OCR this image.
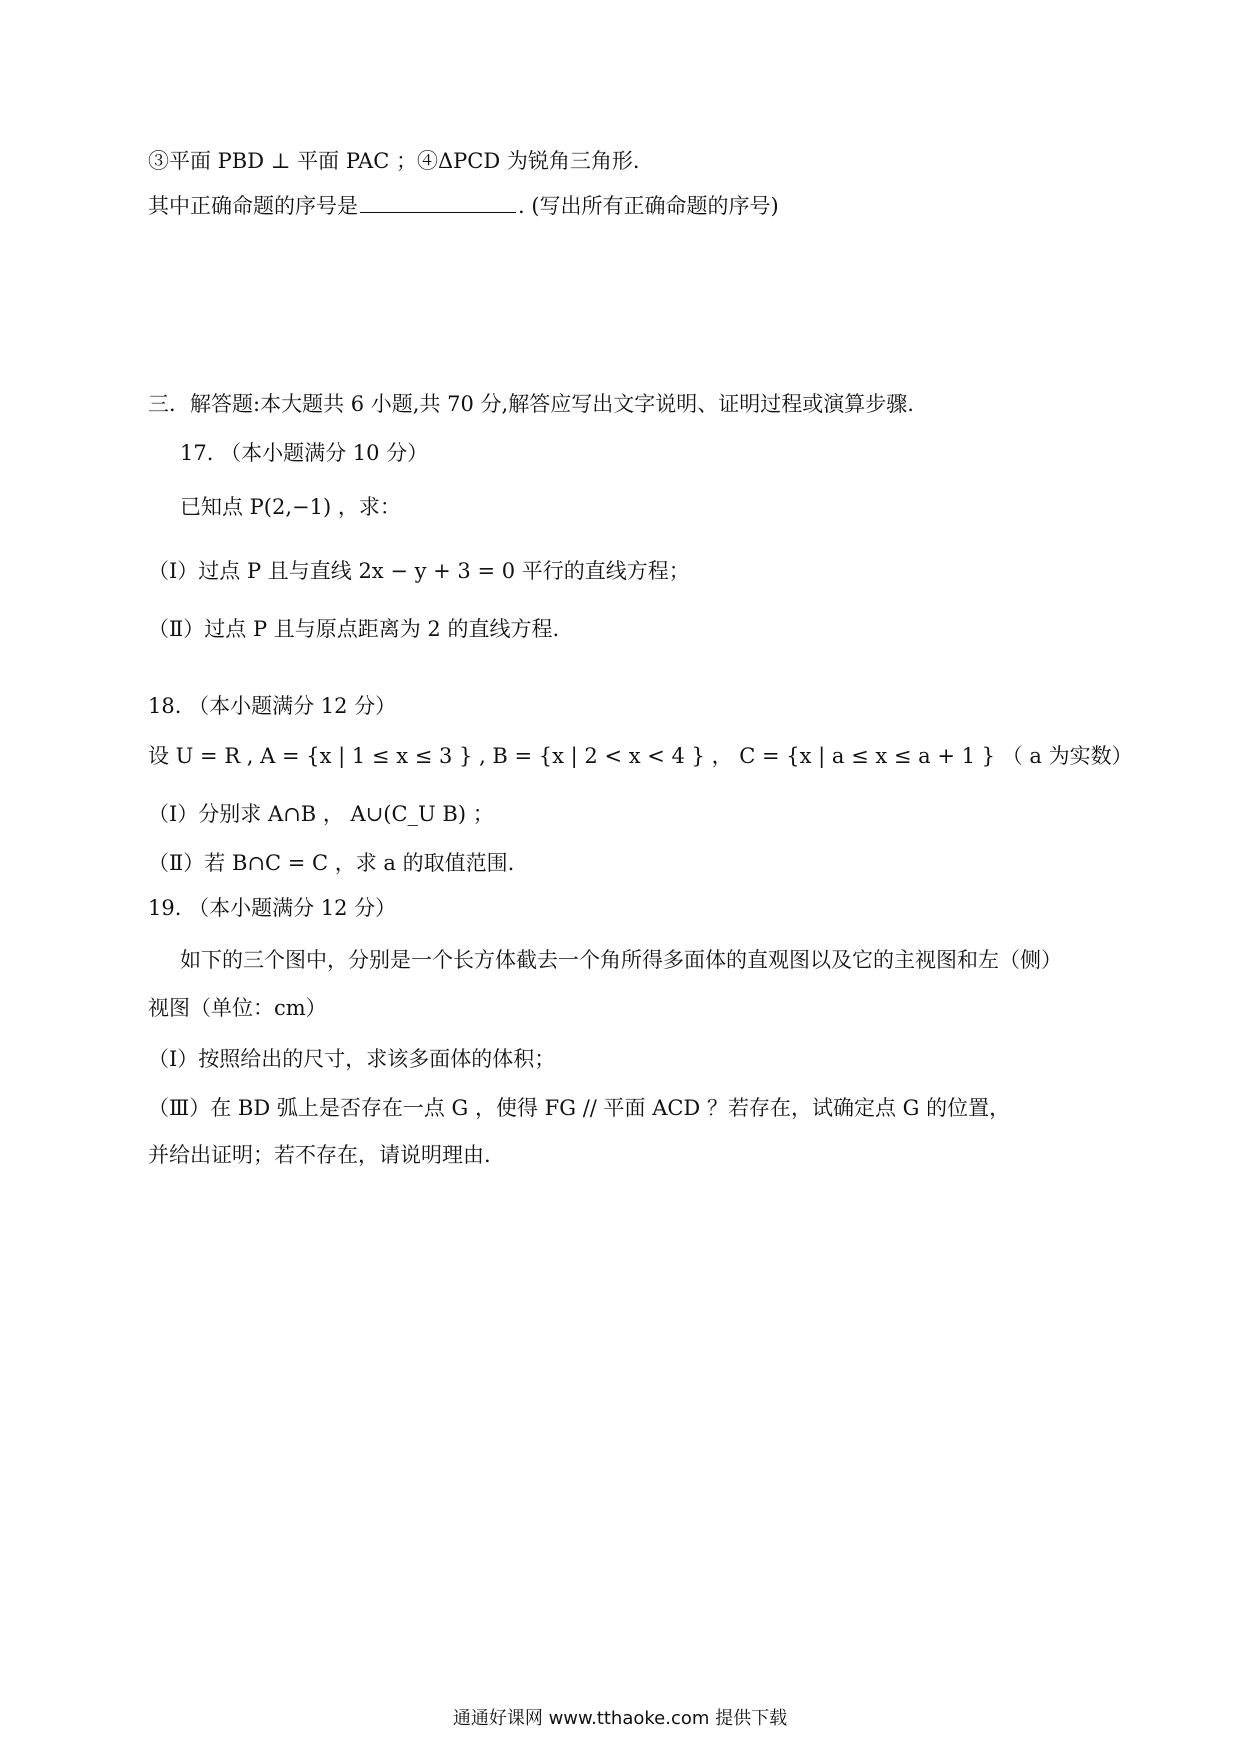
③平面 PBD ⊥ 平面 PAC ；④ΔPCD 为锐角三角形.
其中正确命题的序号是	. (写出所有正确命题的序号)
三．解答题:本大题共 6 小题,共 70 分,解答应写出文字说明、证明过程或演算步骤.
17. （本小题满分 10 分）
已知点 P(2,−1) ，求：
（Ⅰ）过点 P 且与直线 2x − y + 3 = 0 平行的直线方程；
（Ⅱ）过点 P 且与原点距离为 2 的直线方程.
18. （本小题满分 12 分）
设 U = R , A = {x | 1 ≤ x ≤ 3 } , B = {x | 2 < x < 4 } ， C = {x | a ≤ x ≤ a + 1 } （ a 为实数）
（Ⅰ）分别求 A∩B ， A∪(C_U B) ；
（Ⅱ）若 B∩C = C ，求 a 的取值范围.
19. （本小题满分 12 分）
如下的三个图中，分别是一个长方体截去一个角所得多面体的直观图以及它的主视图和左（侧）
视图（单位：cm）
（Ⅰ）按照给出的尺寸，求该多面体的体积；
（Ⅲ）在 BD 弧上是否存在一点 G ，使得 FG // 平面 ACD ？若存在，试确定点 G 的位置，
并给出证明；若不存在，请说明理由.
通通好课网 www.tthaoke.com 提供下载
